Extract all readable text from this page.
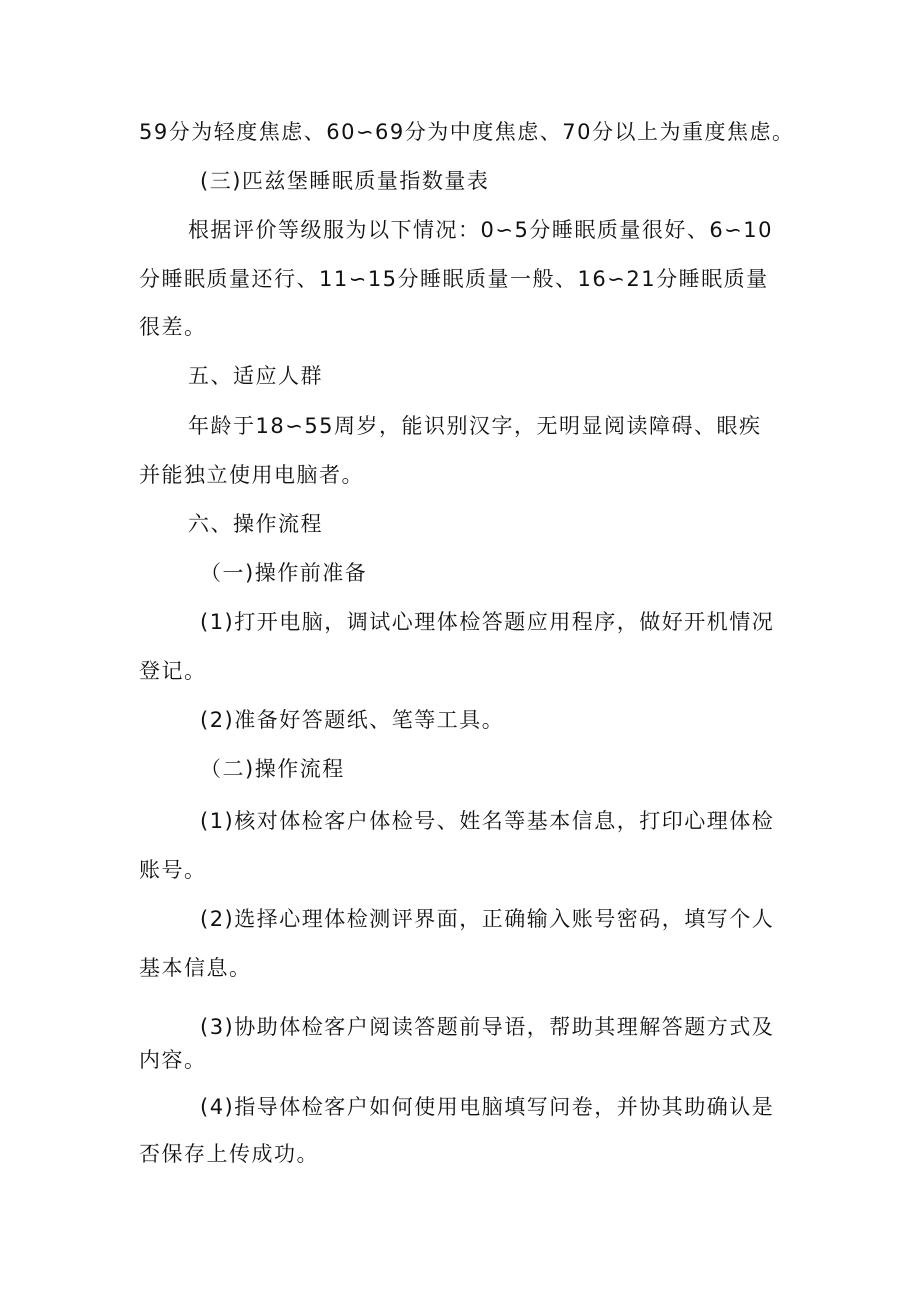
59分为轻度焦虑、60∽69分为中度焦虑、70分以上为重度焦虑。
(三)匹兹堡睡眠质量指数量表
根据评价等级服为以下情况：0∽5分睡眠质量很好、6∽10
分睡眠质量还行、11∽15分睡眠质量一般、16∽21分睡眠质量
很差。
五、适应人群
年龄于18∽55周岁，能识别汉字，无明显阅读障碍、眼疾
并能独立使用电脑者。
六、操作流程
（一)操作前准备
(1)打开电脑，调试心理体检答题应用程序，做好开机情况
登记。
(2)准备好答题纸、笔等工具。
（二)操作流程
(1)核对体检客户体检号、姓名等基本信息，打印心理体检
账号。
(2)选择心理体检测评界面，正确输入账号密码，填写个人
基本信息。
(3)协助体检客户阅读答题前导语，帮助其理解答题方式及
内容。
(4)指导体检客户如何使用电脑填写问卷，并协其助确认是
否保存上传成功。
